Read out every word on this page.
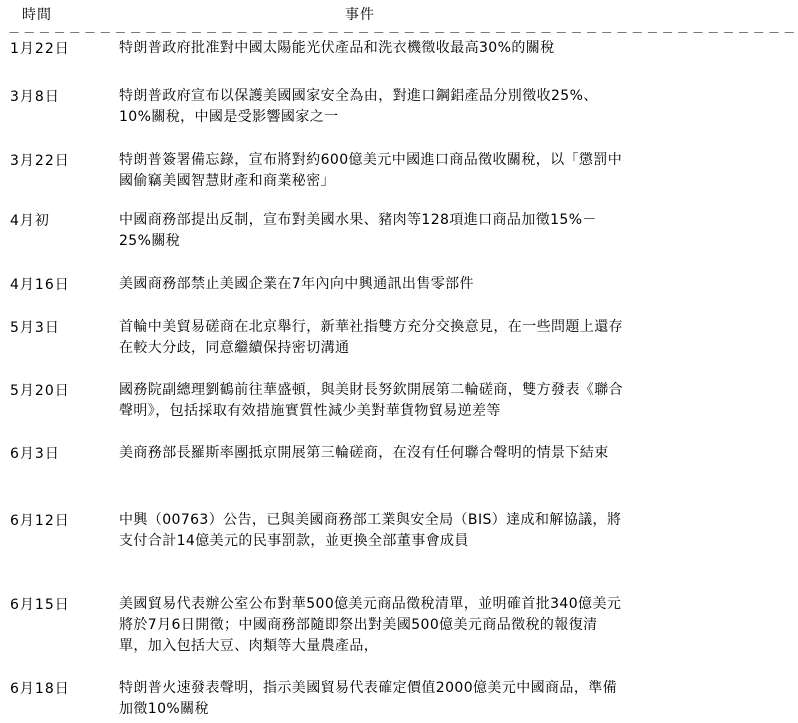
時間	事件
－－－－－－－－－－－－－－－－－－－－－－－－－－－－－－－－－－－－－－－－－－－－－－－－－－－－
1月22日	特朗普政府批准對中國太陽能光伏產品和洗衣機徵收最高30%的關稅
3月8日	特朗普政府宣布以保護美國國家安全為由，對進口鋼鋁產品分別徵收25%、10%關稅，中國是受影響國家之一
3月22日	特朗普簽署備忘錄，宣布將對約600億美元中國進口商品徵收關稅，以「懲罰中國偷竊美國智慧財產和商業秘密」
4月初	中國商務部提出反制，宣布對美國水果、豬肉等128項進口商品加徵15%－25%關稅
4月16日	美國商務部禁止美國企業在7年內向中興通訊出售零部件
5月3日	首輪中美貿易磋商在北京舉行，新華社指雙方充分交換意見，在一些問題上還存在較大分歧，同意繼續保持密切溝通
5月20日	國務院副總理劉鶴前往華盛頓，與美財長努欽開展第二輪磋商，雙方發表《聯合聲明》，包括採取有效措施實質性減少美對華貨物貿易逆差等
6月3日	美商務部長羅斯率團抵京開展第三輪磋商，在沒有任何聯合聲明的情景下結束
6月12日	中興（00763）公告，已與美國商務部工業與安全局（BIS）達成和解協議，將支付合計14億美元的民事罰款，並更換全部董事會成員
6月15日	美國貿易代表辦公室公布對華500億美元商品徵稅清單，並明確首批340億美元將於7月6日開徵；中國商務部隨即祭出對美國500億美元商品徵稅的報復清單，加入包括大豆、肉類等大量農產品，
6月18日	特朗普火速發表聲明，指示美國貿易代表確定價值2000億美元中國商品，準備加徵10%關稅
